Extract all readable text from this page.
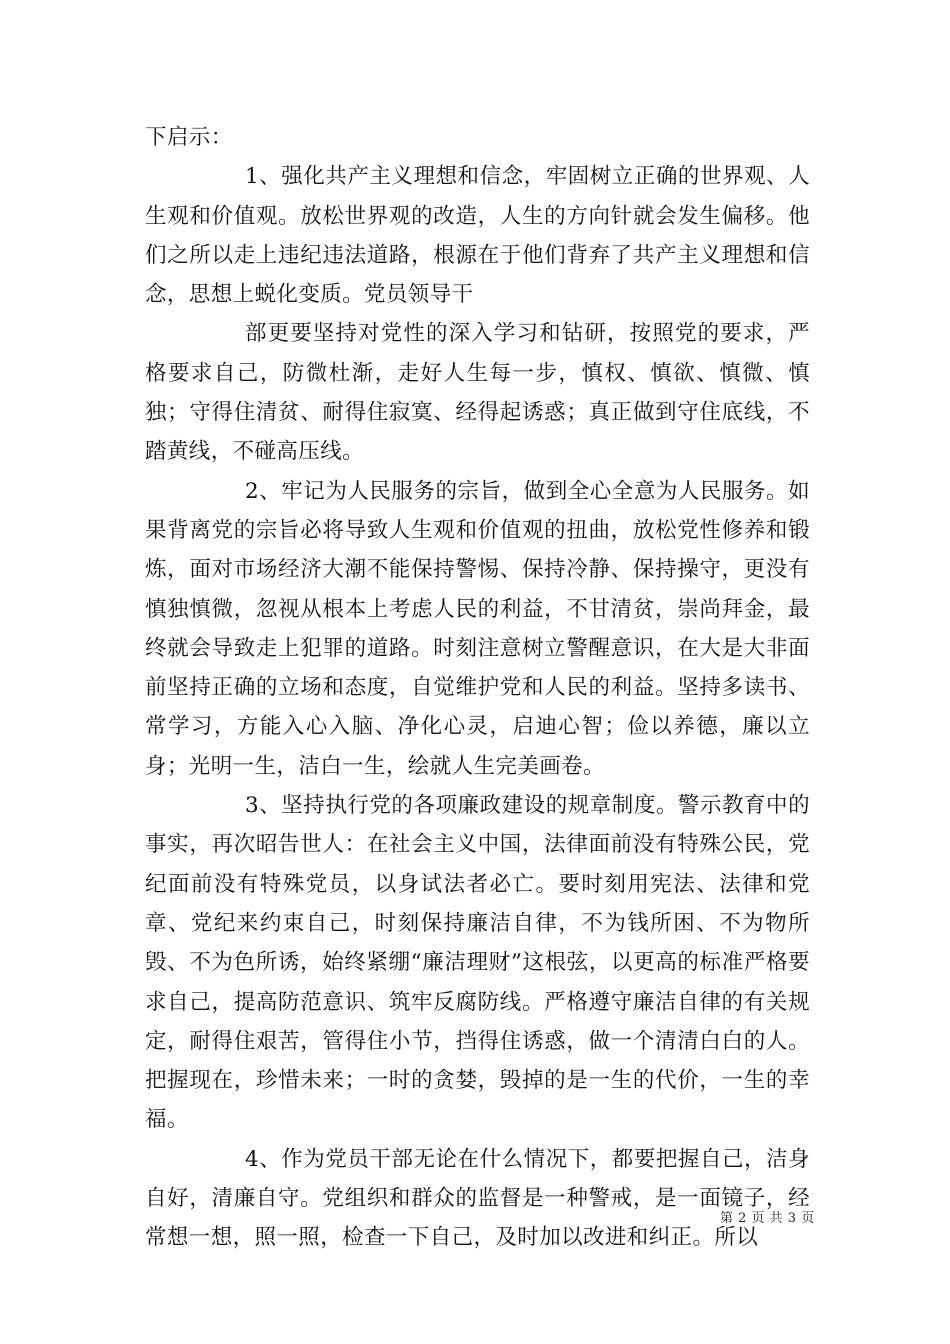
下启示：

1、强化共产主义理想和信念，牢固树立正确的世界观、人生观和价值观。放松世界观的改造，人生的方向针就会发生偏移。他们之所以走上违纪违法道路，根源在于他们背弃了共产主义理想和信念，思想上蜕化变质。党员领导干

部更要坚持对党性的深入学习和钻研，按照党的要求，严格要求自己，防微杜渐，走好人生每一步，慎权、慎欲、慎微、慎独；守得住清贫、耐得住寂寞、经得起诱惑；真正做到守住底线，不踏黄线，不碰高压线。

2、牢记为人民服务的宗旨，做到全心全意为人民服务。如果背离党的宗旨必将导致人生观和价值观的扭曲，放松党性修养和锻炼，面对市场经济大潮不能保持警惕、保持冷静、保持操守，更没有慎独慎微，忽视从根本上考虑人民的利益，不甘清贫，崇尚拜金，最终就会导致走上犯罪的道路。时刻注意树立警醒意识，在大是大非面前坚持正确的立场和态度，自觉维护党和人民的利益。坚持多读书、常学习，方能入心入脑、净化心灵，启迪心智；俭以养德，廉以立身；光明一生，洁白一生，绘就人生完美画卷。

3、坚持执行党的各项廉政建设的规章制度。警示教育中的事实，再次昭告世人：在社会主义中国，法律面前没有特殊公民，党纪面前没有特殊党员，以身试法者必亡。要时刻用宪法、法律和党章、党纪来约束自己，时刻保持廉洁自律，不为钱所困、不为物所毁、不为色所诱，始终紧绷“廉洁理财”这根弦，以更高的标准严格要求自己，提高防范意识、筑牢反腐防线。严格遵守廉洁自律的有关规定，耐得住艰苦，管得住小节，挡得住诱惑，做一个清清白白的人。把握现在，珍惜未来；一时的贪婪，毁掉的是一生的代价，一生的幸福。

4、作为党员干部无论在什么情况下，都要把握自己，洁身自好，清廉自守。党组织和群众的监督是一种警戒，是一面镜子，经常想一想，照一照，检查一下自己，及时加以改进和纠正。所以

第 2 页 共 3 页
